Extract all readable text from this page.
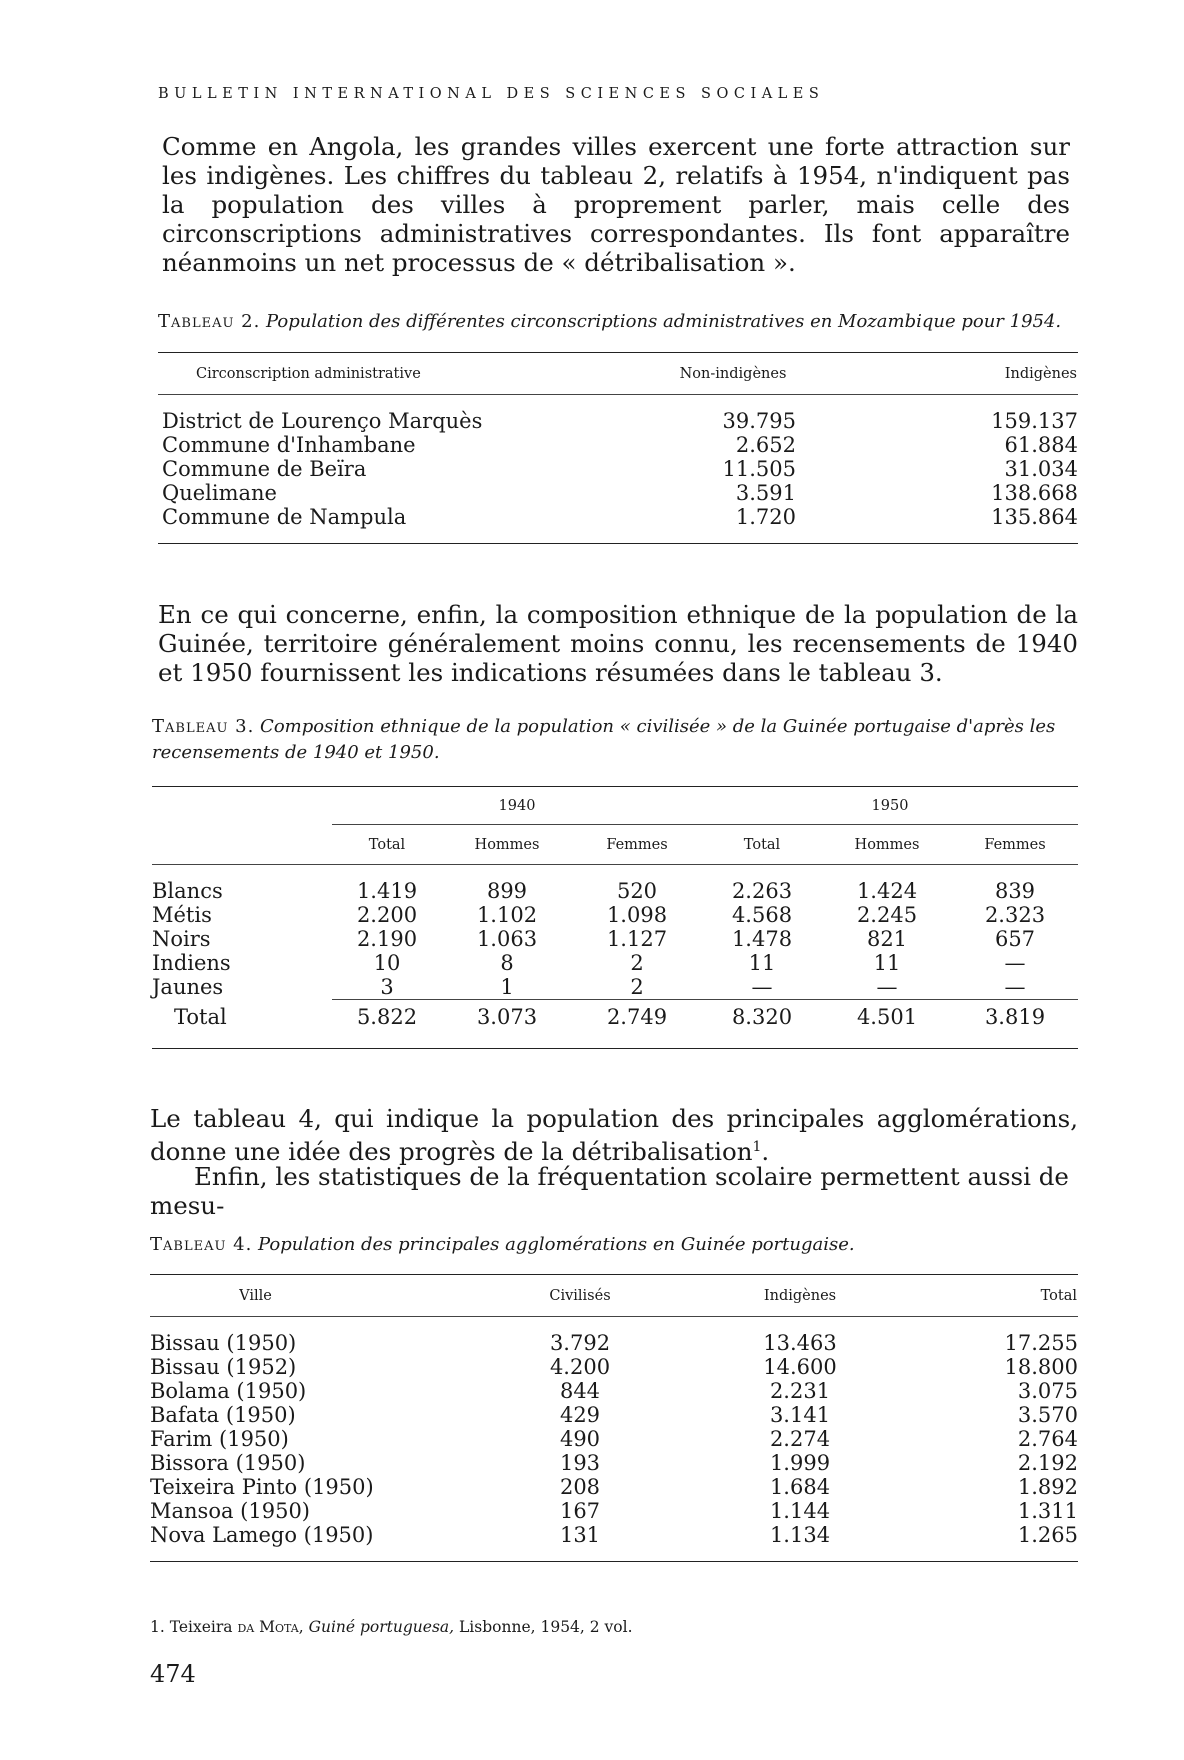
BULLETIN INTERNATIONAL DES SCIENCES SOCIALES

Comme en Angola, les grandes villes exercent une forte attraction sur les indigènes. Les chiffres du tableau 2, relatifs à 1954, n'indiquent pas la population des villes à proprement parler, mais celle des circonscriptions administratives correspondantes. Ils font apparaître néanmoins un net processus de « détribalisation ».

Tableau 2. Population des différentes circonscriptions administratives en Mozambique pour 1954.

Circonscription administrative	Non-indigènes	Indigènes

District de Lourenço Marquès	39.795	159.137
Commune d'Inhambane	2.652	61.884
Commune de Beïra	11.505	31.034
Quelimane	3.591	138.668
Commune de Nampula	1.720	135.864

En ce qui concerne, enfin, la composition ethnique de la population de la Guinée, territoire généralement moins connu, les recensements de 1940 et 1950 fournissent les indications résumées dans le tableau 3.

Tableau 3. Composition ethnique de la population « civilisée » de la Guinée portugaise d'après les recensements de 1940 et 1950.

	1940			1950		
	Total	Hommes	Femmes	Total	Hommes	Femmes

Blancs	1.419	899	520	2.263	1.424	839
Métis	2.200	1.102	1.098	4.568	2.245	2.323
Noirs	2.190	1.063	1.127	1.478	821	657
Indiens	10	8	2	11	11	—
Jaunes	3	1	2	—	—	—
Total	5.822	3.073	2.749	8.320	4.501	3.819

Le tableau 4, qui indique la population des principales agglomérations, donne une idée des progrès de la détribalisation$^1$.

Enfin, les statistiques de la fréquentation scolaire permettent aussi de mesu-

Tableau 4. Population des principales agglomérations en Guinée portugaise.

Ville	Civilisés	Indigènes	Total

Bissau (1950)	3.792	13.463	17.255
Bissau (1952)	4.200	14.600	18.800
Bolama (1950)	844	2.231	3.075
Bafata (1950)	429	3.141	3.570
Farim (1950)	490	2.274	2.764
Bissora (1950)	193	1.999	2.192
Teixeira Pinto (1950)	208	1.684	1.892
Mansoa (1950)	167	1.144	1.311
Nova Lamego (1950)	131	1.134	1.265

1. Teixeira da Mota, Guiné portuguesa, Lisbonne, 1954, 2 vol.

474
